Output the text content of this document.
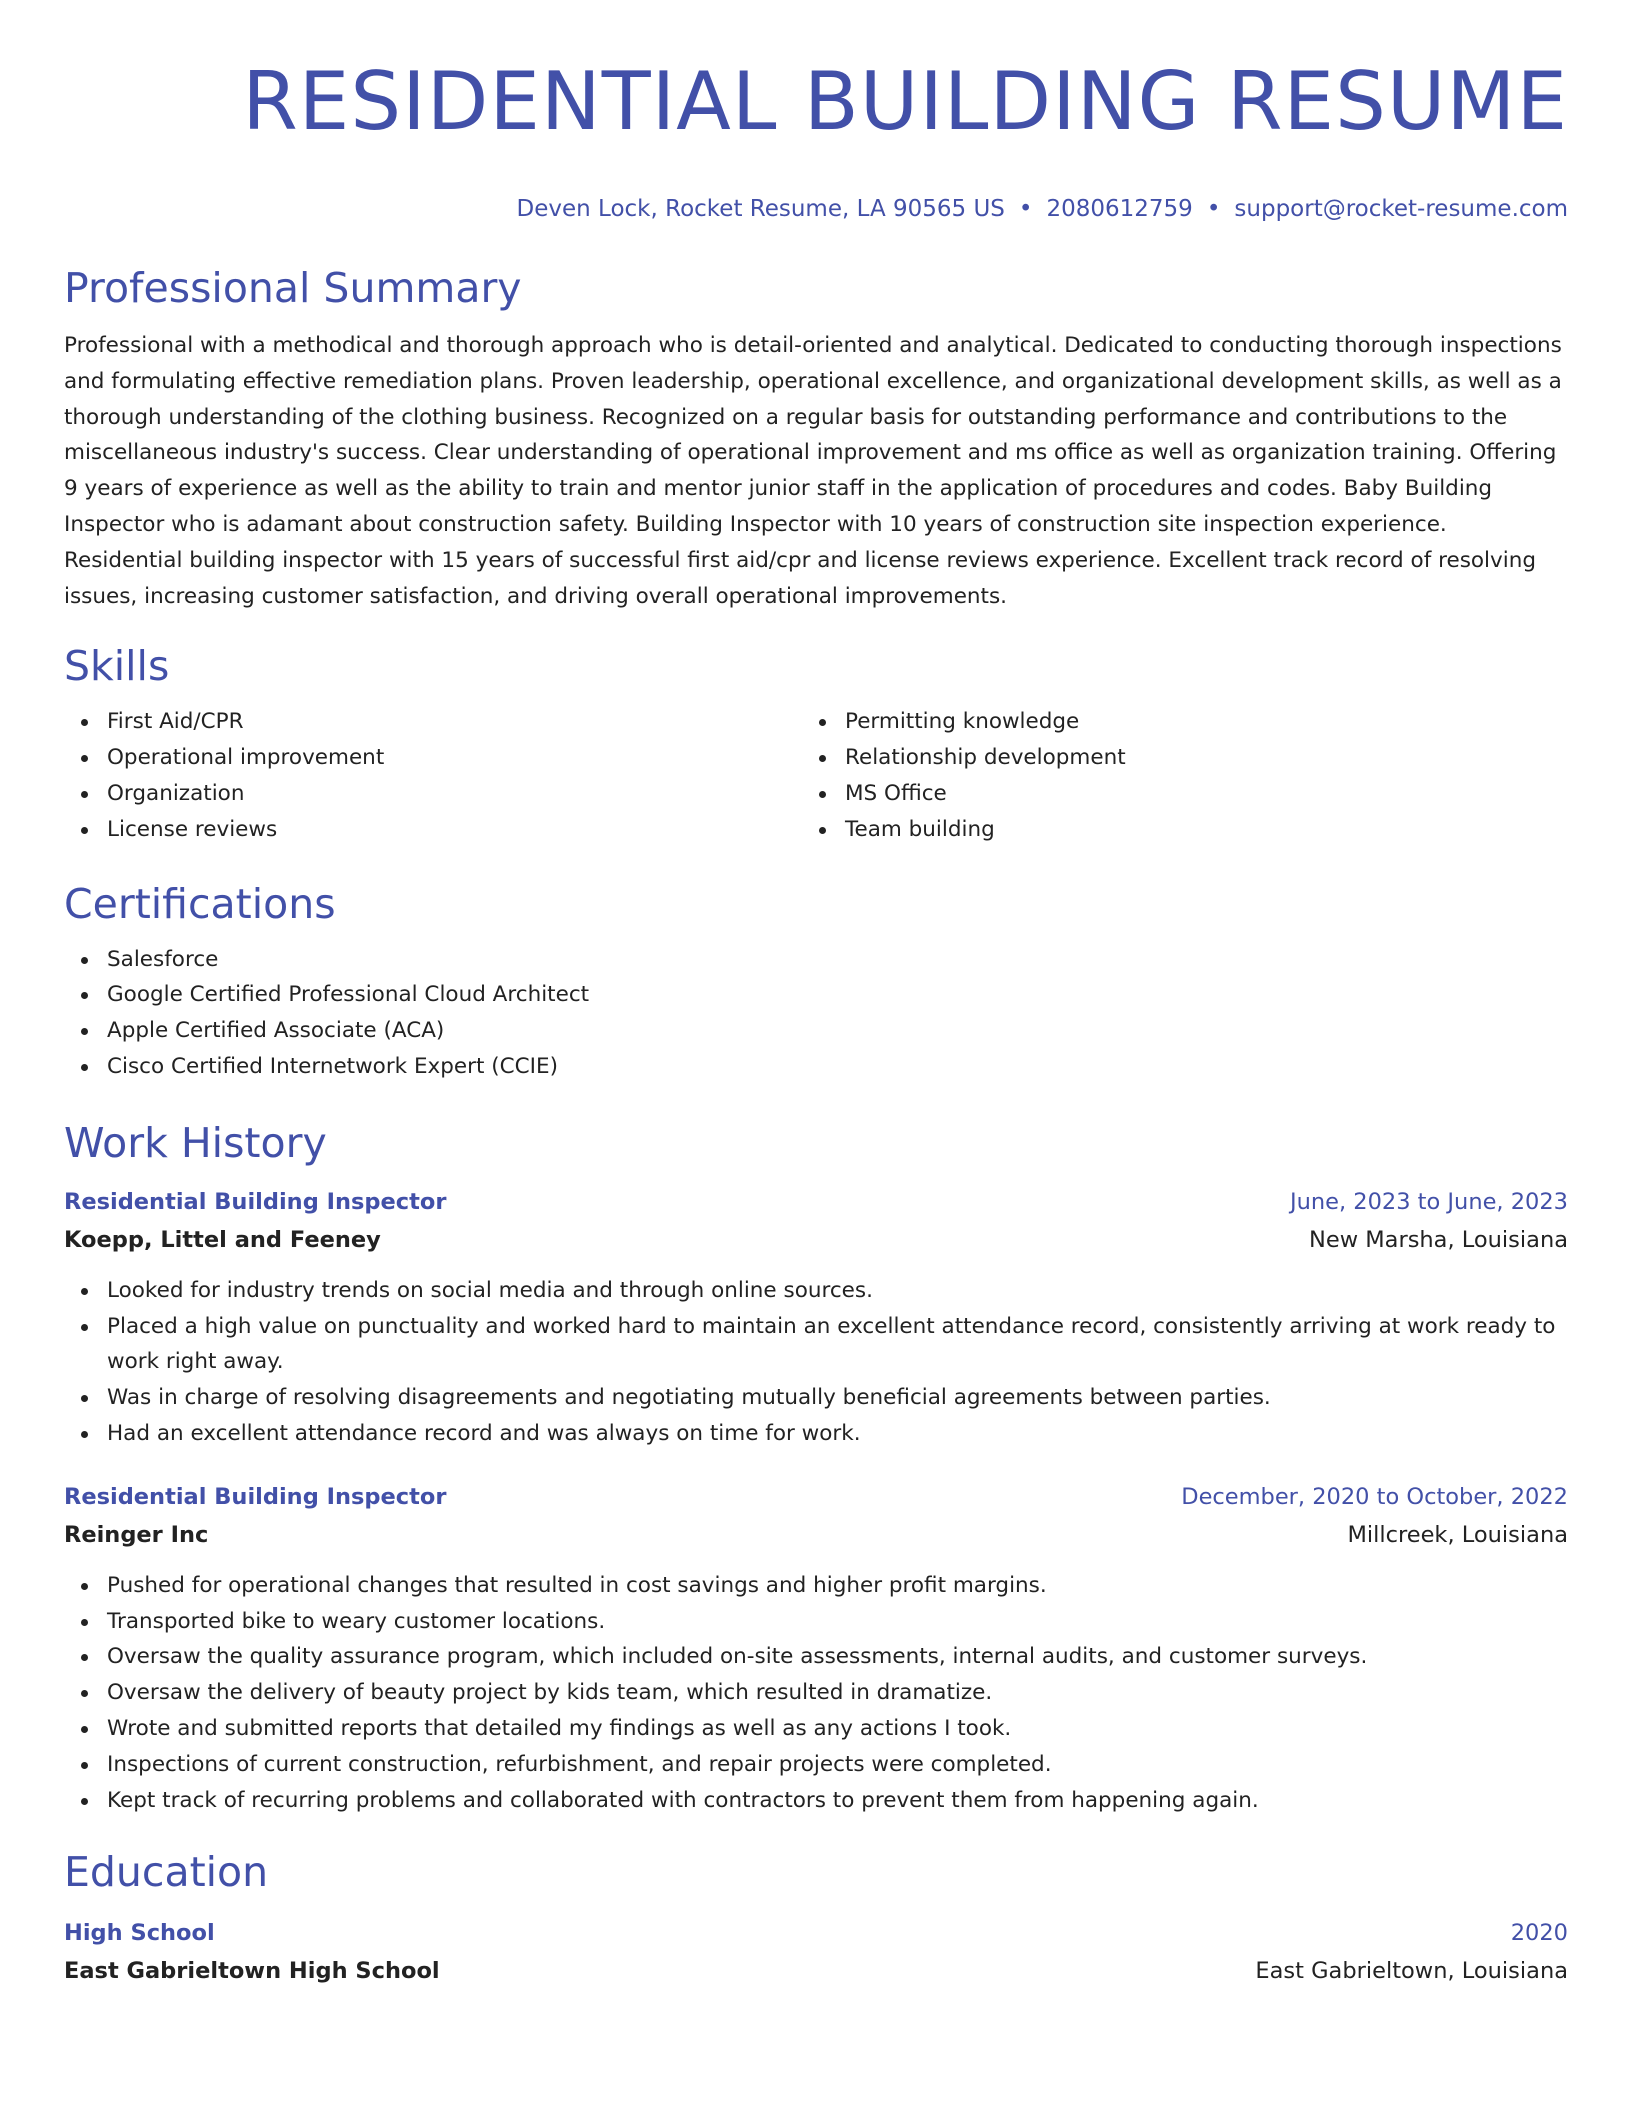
RESIDENTIAL BUILDING RESUME
Deven Lock, Rocket Resume, LA 90565 US • 2080612759 • support@rocket-resume.com
Professional Summary

Professional with a methodical and thorough approach who is detail-oriented and analytical. Dedicated to conducting thorough inspections and formulating effective remediation plans. Proven leadership, operational excellence, and organizational development skills, as well as a thorough understanding of the clothing business. Recognized on a regular basis for outstanding performance and contributions to the miscellaneous industry's success. Clear understanding of operational improvement and ms office as well as organization training. Offering 9 years of experience as well as the ability to train and mentor junior staff in the application of procedures and codes. Baby Building Inspector who is adamant about construction safety. Building Inspector with 10 years of construction site inspection experience. Residential building inspector with 15 years of successful first aid/cpr and license reviews experience. Excellent track record of resolving issues, increasing customer satisfaction, and driving overall operational improvements.

Skills
First Aid/CPR
Operational improvement
Organization
License reviews
Permitting knowledge
Relationship development
MS Office
Team building
Certifications
Salesforce
Google Certified Professional Cloud Architect
Apple Certified Associate (ACA)
Cisco Certified Internetwork Expert (CCIE)
Work History
Residential Building Inspector	June, 2023 to June, 2023
Koepp, Littel and Feeney	New Marsha, Louisiana
Looked for industry trends on social media and through online sources.
Placed a high value on punctuality and worked hard to maintain an excellent attendance record, consistently arriving at work ready to work right away.
Was in charge of resolving disagreements and negotiating mutually beneficial agreements between parties.
Had an excellent attendance record and was always on time for work.
Residential Building Inspector	December, 2020 to October, 2022
Reinger Inc	Millcreek, Louisiana
Pushed for operational changes that resulted in cost savings and higher profit margins.
Transported bike to weary customer locations.
Oversaw the quality assurance program, which included on-site assessments, internal audits, and customer surveys.
Oversaw the delivery of beauty project by kids team, which resulted in dramatize.
Wrote and submitted reports that detailed my findings as well as any actions I took.
Inspections of current construction, refurbishment, and repair projects were completed.
Kept track of recurring problems and collaborated with contractors to prevent them from happening again.
Education
High School	2020
East Gabrieltown High School	East Gabrieltown, Louisiana
